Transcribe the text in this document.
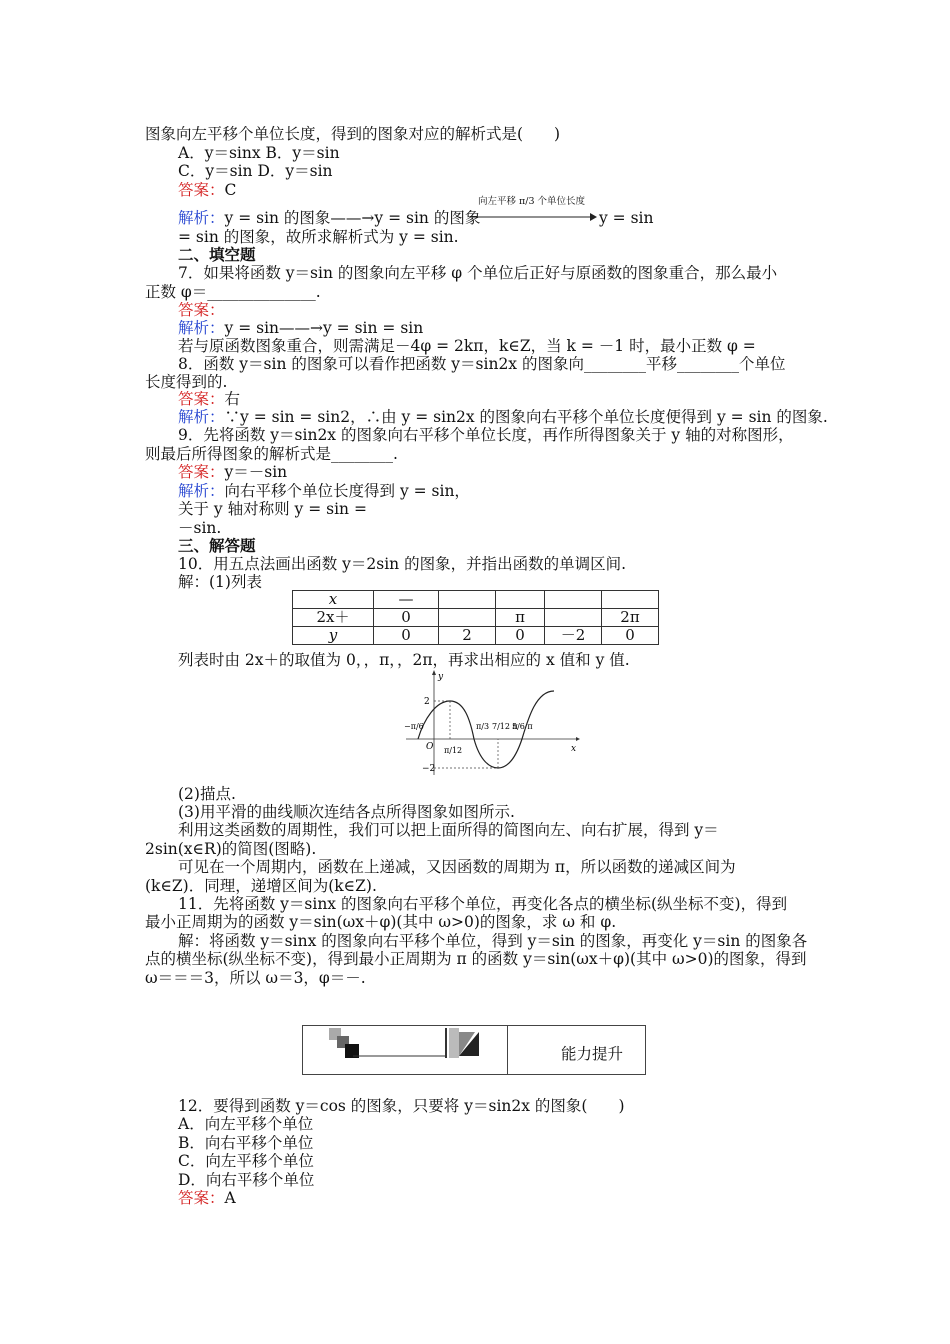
图象向左平移个单位长度，得到的图象对应的解析式是(　　)
A．y＝sinx B．y＝sin
C．y＝sin D．y＝sin
答案：C
解析：y = sin 的图象——→y = sin 的图象
向左平移 π/3 个单位长度
y = sin
= sin 的图象，故所求解析式为 y = sin.
二、填空题
7．如果将函数 y＝sin 的图象向左平移 φ 个单位后正好与原函数的图象重合，那么最小
正数 φ＝______________.
答案：
解析：y = sin——→y = sin = sin
若与原函数图象重合，则需满足－4φ = 2kπ，k∈Z，当 k = －1 时，最小正数 φ =
8．函数 y＝sin 的图象可以看作把函数 y＝sin2x 的图象向________平移________个单位
长度得到的.
答案：右
解析：∵y = sin = sin2，∴由 y = sin2x 的图象向右平移个单位长度便得到 y = sin 的图象.
9．先将函数 y＝sin2x 的图象向右平移个单位长度，再作所得图象关于 y 轴的对称图形，
则最后所得图象的解析式是________.
答案：y＝－sin
解析：向右平移个单位长度得到 y = sin，
关于 y 轴对称则 y = sin =
－sin.
三、解答题
10．用五点法画出函数 y＝2sin 的图象，并指出函数的单调区间.
解：(1)列表
x	—				
2x＋	0		π		2π
y	0	2	0	－2	0
列表时由 2x＋的取值为 0，，π，，2π，再求出相应的 x 值和 y 值.
y
x
O
2
−2
−π/6
π/12
π/3 7/12 π
5/6 π
(2)描点.
(3)用平滑的曲线顺次连结各点所得图象如图所示.
利用这类函数的周期性，我们可以把上面所得的简图向左、向右扩展，得到 y＝
2sin(x∈R)的简图(图略).
可见在一个周期内，函数在上递减，又因函数的周期为 π，所以函数的递减区间为
(k∈Z)．同理，递增区间为(k∈Z).
11．先将函数 y＝sinx 的图象向右平移个单位，再变化各点的横坐标(纵坐标不变)，得到
最小正周期为的函数 y＝sin(ωx＋φ)(其中 ω>0)的图象，求 ω 和 φ.
解：将函数 y＝sinx 的图象向右平移个单位，得到 y＝sin 的图象，再变化 y＝sin 的图象各
点的横坐标(纵坐标不变)，得到最小正周期为 π 的函数 y＝sin(ωx＋φ)(其中 ω>0)的图象，得到
ω＝＝＝3，所以 ω＝3，φ＝－.
能力提升
12．要得到函数 y＝cos 的图象，只要将 y＝sin2x 的图象(　　)
A．向左平移个单位
B．向右平移个单位
C．向左平移个单位
D．向右平移个单位
答案：A
